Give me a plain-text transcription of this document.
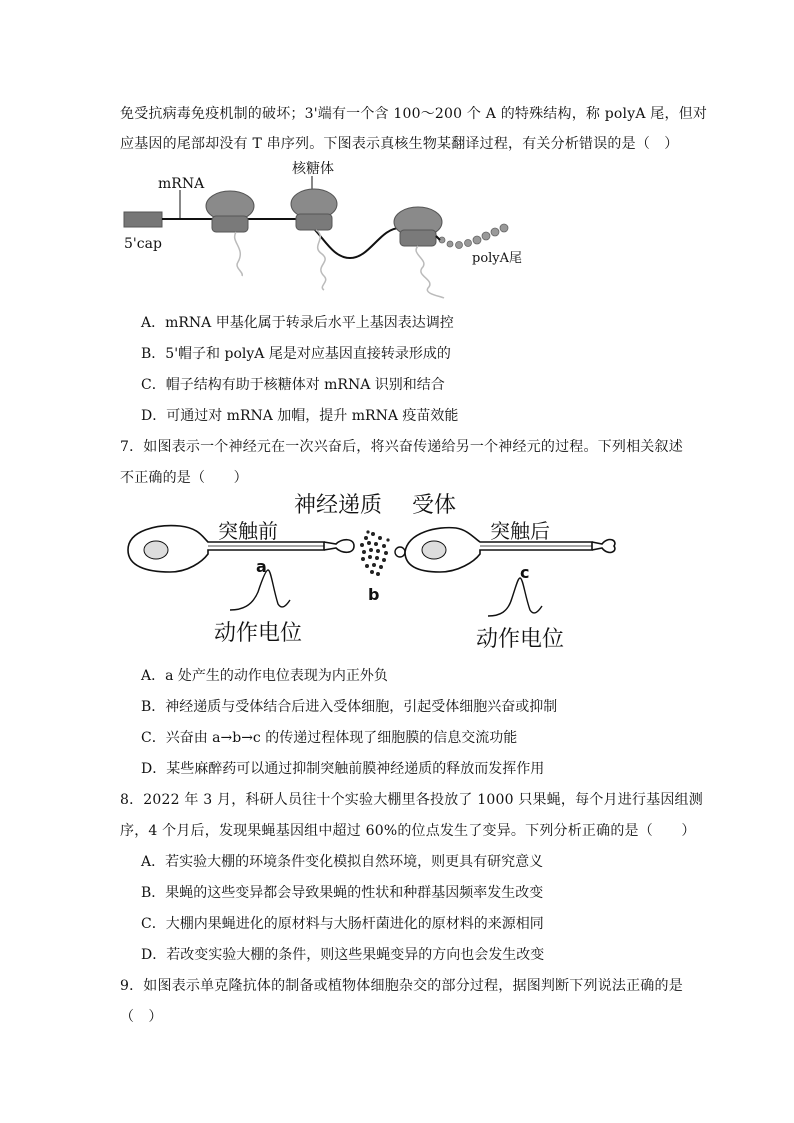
免受抗病毒免疫机制的破坏；3'端有一个含 100～200 个 A 的特殊结构，称 polyA 尾，但对
应基因的尾部却没有 T 串序列。下图表示真核生物某翻译过程，有关分析错误的是（　）
mRNA
核糖体
5'cap
polyA尾
A．mRNA 甲基化属于转录后水平上基因表达调控
B．5'帽子和 polyA 尾是对应基因直接转录形成的
C．帽子结构有助于核糖体对 mRNA 识别和结合
D．可通过对 mRNA 加帽，提升 mRNA 疫苗效能
7．如图表示一个神经元在一次兴奋后，将兴奋传递给另一个神经元的过程。下列相关叙述
不正确的是（　　）
神经递质 受体
突触前	突触后
a
b
c
动作电位	动作电位
A．a 处产生的动作电位表现为内正外负
B．神经递质与受体结合后进入受体细胞，引起受体细胞兴奋或抑制
C．兴奋由 a→b→c 的传递过程体现了细胞膜的信息交流功能
D．某些麻醉药可以通过抑制突触前膜神经递质的释放而发挥作用
8．2022 年 3 月，科研人员往十个实验大棚里各投放了 1000 只果蝇，每个月进行基因组测
序，4 个月后，发现果蝇基因组中超过 60%的位点发生了变异。下列分析正确的是（　　）
A．若实验大棚的环境条件变化模拟自然环境，则更具有研究意义
B．果蝇的这些变异都会导致果蝇的性状和种群基因频率发生改变
C．大棚内果蝇进化的原材料与大肠杆菌进化的原材料的来源相同
D．若改变实验大棚的条件，则这些果蝇变异的方向也会发生改变
9．如图表示单克隆抗体的制备或植物体细胞杂交的部分过程，据图判断下列说法正确的是
（　）
